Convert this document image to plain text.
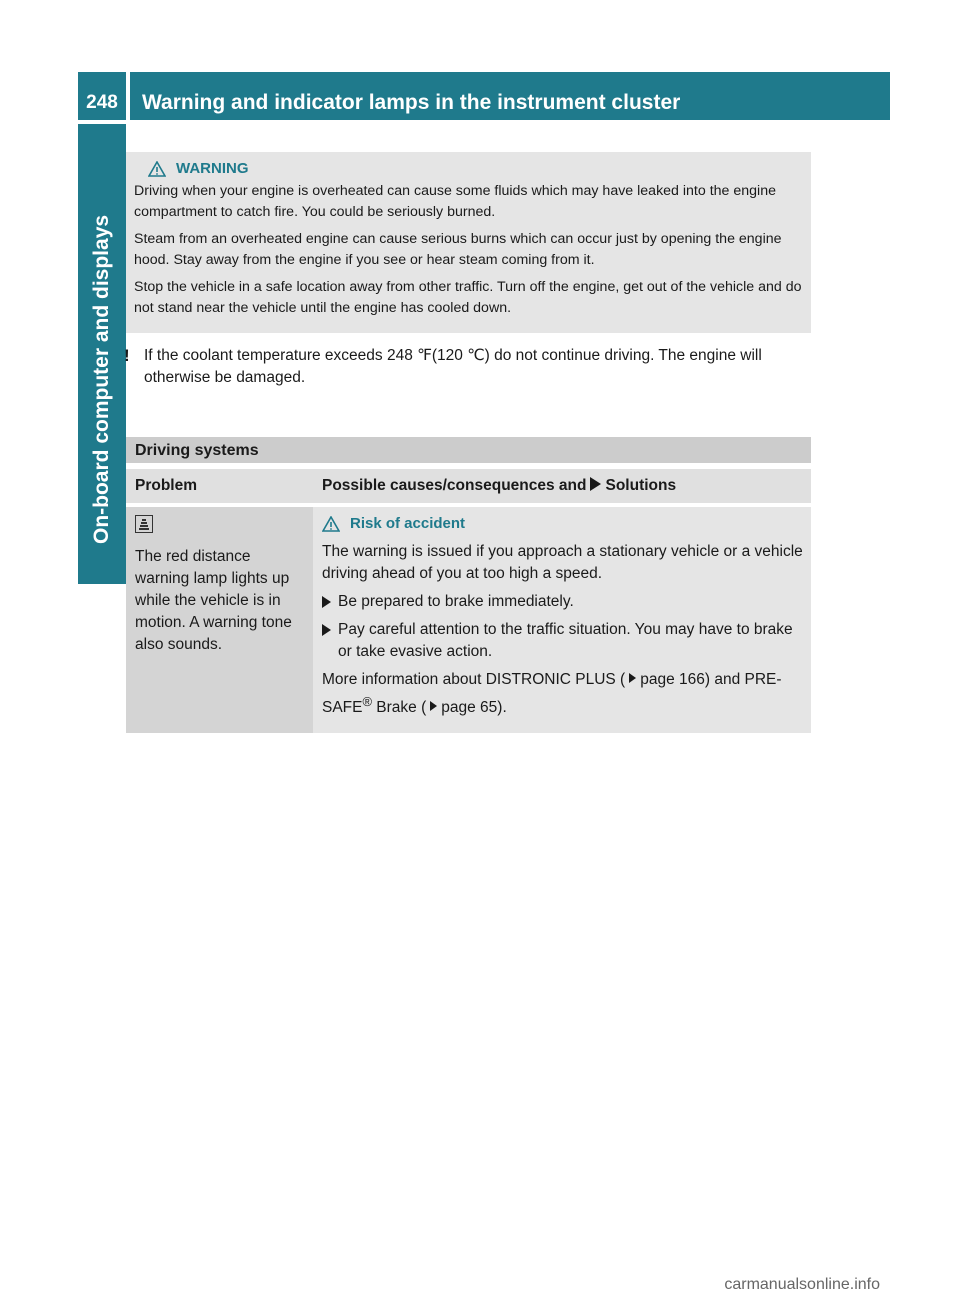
248	Warning and indicator lamps in the instrument cluster
On-board computer and displays
WARNING

Driving when your engine is overheated can cause some fluids which may have leaked into the engine compartment to catch fire. You could be seriously burned.

Steam from an overheated engine can cause serious burns which can occur just by opening the engine hood. Stay away from the engine if you see or hear steam coming from it.

Stop the vehicle in a safe location away from other traffic. Turn off the engine, get out of the vehicle and do not stand near the vehicle until the engine has cooled down.

! If the coolant temperature exceeds 248 ℉(120 ℃) do not continue driving. The engine will otherwise be damaged.
Driving systems
Problem	Possible causes/consequences and Solutions

The red distance warning lamp lights up while the vehicle is in motion. A warning tone also sounds.	Risk of accident

The warning is issued if you approach a stationary vehicle or a vehicle driving ahead of you at too high a speed.

Be prepared to brake immediately.
Pay careful attention to the traffic situation. You may have to brake or take evasive action.

More information about DISTRONIC PLUS ( page 166) and PRE-SAFE® Brake ( page 65).

carmanualsonline.info
